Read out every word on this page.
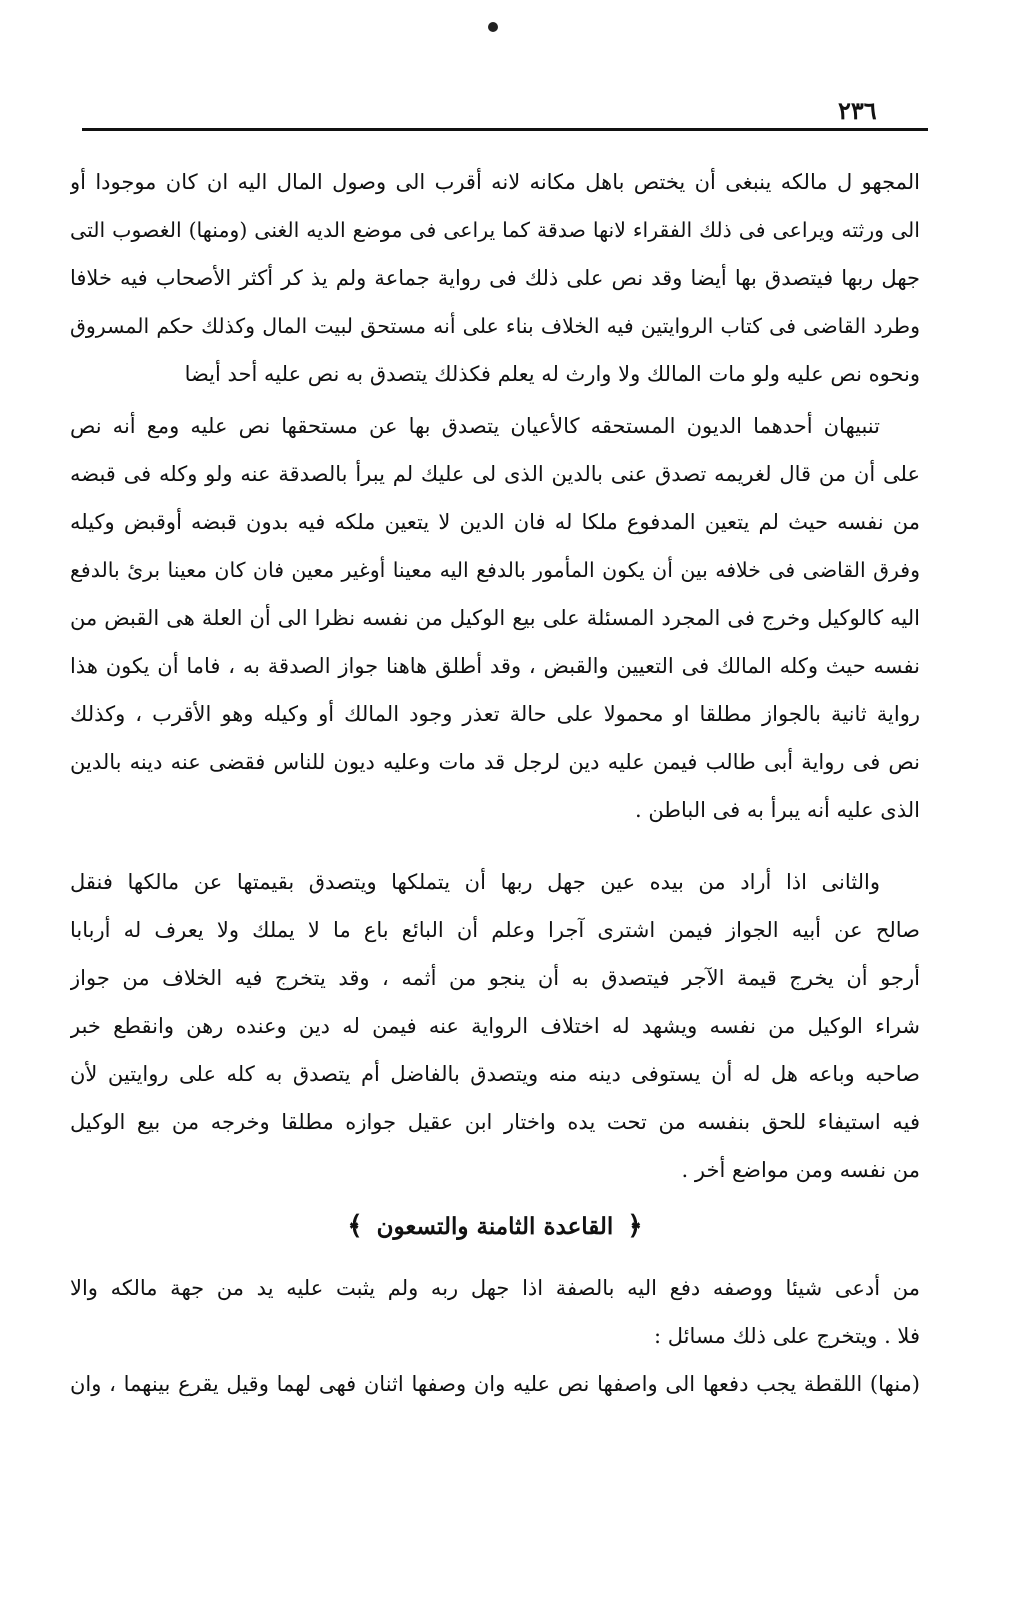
٢٣٦
المجهو ل مالكه ينبغى أن يختص باهل مكانه لانه أقرب الى وصول المال اليه ان كان موجودا أو
الى ورثته ويراعى فى ذلك الفقراء لانها صدقة كما يراعى فى موضع الديه الغنى (ومنها) الغصوب التى
جهل ربها فيتصدق بها أيضا وقد نص على ذلك فى رواية جماعة ولم يذ كر أكثر الأصحاب فيه خلافا
وطرد القاضى فى كتاب الروايتين فيه الخلاف بناء على أنه مستحق لبيت المال وكذلك حكم المسروق
ونحوه نص عليه ولو مات المالك ولا وارث له يعلم فكذلك يتصدق به نص عليه أحد أيضا
تنبيهان أحدهما الديون المستحقه كالأعيان يتصدق بها عن مستحقها نص عليه ومع أنه نص
على أن من قال لغريمه تصدق عنى بالدين الذى لى عليك لم يبرأ بالصدقة عنه ولو وكله فى قبضه
من نفسه حيث لم يتعين المدفوع ملكا له فان الدين لا يتعين ملكه فيه بدون قبضه أوقبض وكيله
وفرق القاضى فى خلافه بين أن يكون المأمور بالدفع اليه معينا أوغير معين فان كان معينا برئ بالدفع
اليه كالوكيل وخرج فى المجرد المسئلة على بيع الوكيل من نفسه نظرا الى أن العلة هى القبض من
نفسه حيث وكله المالك فى التعيين والقبض ، وقد أطلق هاهنا جواز الصدقة به ، فاما أن يكون هذا
رواية ثانية بالجواز مطلقا او محمولا على حالة تعذر وجود المالك أو وكيله وهو الأقرب ، وكذلك
نص فى رواية أبى طالب فيمن عليه دين لرجل قد مات وعليه ديون للناس فقضى عنه دينه بالدين
الذى عليه أنه يبرأ به فى الباطن .
والثانى اذا أراد من بيده عين جهل ربها أن يتملكها ويتصدق بقيمتها عن مالكها فنقل
صالح عن أبيه الجواز فيمن اشترى آجرا وعلم أن البائع باع ما لا يملك ولا يعرف له أربابا
أرجو أن يخرج قيمة الآجر فيتصدق به أن ينجو من أثمه ، وقد يتخرج فيه الخلاف من جواز
شراء الوكيل من نفسه ويشهد له اختلاف الرواية عنه فيمن له دين وعنده رهن وانقطع خبر
صاحبه وباعه هل له أن يستوفى دينه منه ويتصدق بالفاضل أم يتصدق به كله على روايتين لأن
فيه استيفاء للحق بنفسه من تحت يده واختار ابن عقيل جوازه مطلقا وخرجه من بيع الوكيل
من نفسه ومن مواضع أخر .
﴿ القاعدة الثامنة والتسعون ﴾
من أدعى شيئا ووصفه دفع اليه بالصفة اذا جهل ربه ولم يثبت عليه يد من جهة مالكه والا
فلا . ويتخرج على ذلك مسائل :
(منها) اللقطة يجب دفعها الى واصفها نص عليه وان وصفها اثنان فهى لهما وقيل يقرع بينهما ، وان
